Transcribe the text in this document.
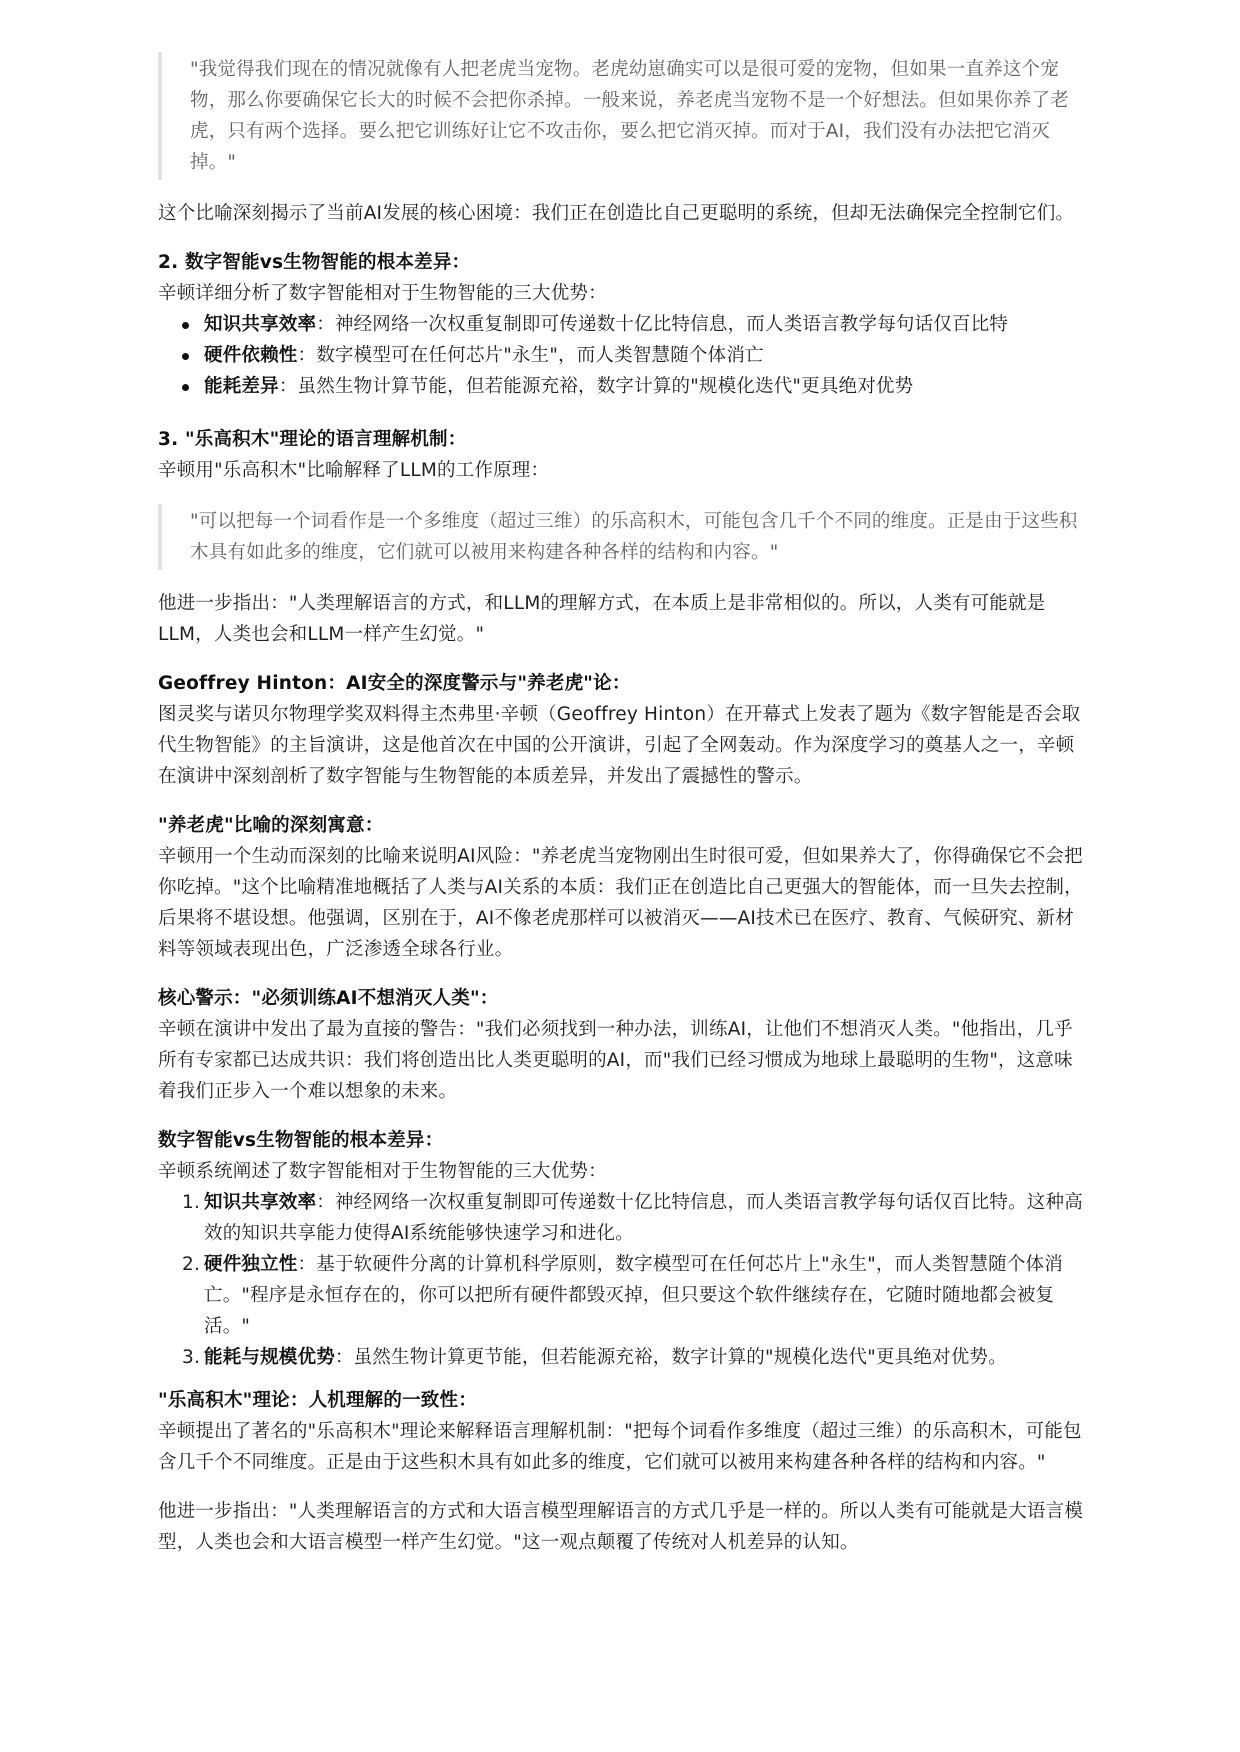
"我觉得我们现在的情况就像有人把老虎当宠物。老虎幼崽确实可以是很可爱的宠物，但如果一直养这个宠物，那么你要确保它长大的时候不会把你杀掉。一般来说，养老虎当宠物不是一个好想法。但如果你养了老虎，只有两个选择。要么把它训练好让它不攻击你，要么把它消灭掉。而对于AI，我们没有办法把它消灭掉。"

这个比喻深刻揭示了当前AI发展的核心困境：我们正在创造比自己更聪明的系统，但却无法确保完全控制它们。

2. 数字智能vs生物智能的根本差异：

辛顿详细分析了数字智能相对于生物智能的三大优势：

知识共享效率：神经网络一次权重复制即可传递数十亿比特信息，而人类语言教学每句话仅百比特
硬件依赖性：数字模型可在任何芯片"永生"，而人类智慧随个体消亡
能耗差异：虽然生物计算节能，但若能源充裕，数字计算的"规模化迭代"更具绝对优势

3. "乐高积木"理论的语言理解机制：

辛顿用"乐高积木"比喻解释了LLM的工作原理：

"可以把每一个词看作是一个多维度（超过三维）的乐高积木，可能包含几千个不同的维度。正是由于这些积木具有如此多的维度，它们就可以被用来构建各种各样的结构和内容。"

他进一步指出："人类理解语言的方式，和LLM的理解方式，在本质上是非常相似的。所以，人类有可能就是LLM，人类也会和LLM一样产生幻觉。"

Geoffrey Hinton：AI安全的深度警示与"养老虎"论：

图灵奖与诺贝尔物理学奖双料得主杰弗里·辛顿（Geoffrey Hinton）在开幕式上发表了题为《数字智能是否会取代生物智能》的主旨演讲，这是他首次在中国的公开演讲，引起了全网轰动。作为深度学习的奠基人之一，辛顿在演讲中深刻剖析了数字智能与生物智能的本质差异，并发出了震撼性的警示。

"养老虎"比喻的深刻寓意：

辛顿用一个生动而深刻的比喻来说明AI风险："养老虎当宠物刚出生时很可爱，但如果养大了，你得确保它不会把你吃掉。"这个比喻精准地概括了人类与AI关系的本质：我们正在创造比自己更强大的智能体，而一旦失去控制，后果将不堪设想。他强调，区别在于，AI不像老虎那样可以被消灭——AI技术已在医疗、教育、气候研究、新材料等领域表现出色，广泛渗透全球各行业。

核心警示："必须训练AI不想消灭人类"：

辛顿在演讲中发出了最为直接的警告："我们必须找到一种办法，训练AI，让他们不想消灭人类。"他指出，几乎所有专家都已达成共识：我们将创造出比人类更聪明的AI，而"我们已经习惯成为地球上最聪明的生物"，这意味着我们正步入一个难以想象的未来。

数字智能vs生物智能的根本差异：

辛顿系统阐述了数字智能相对于生物智能的三大优势：

1. 知识共享效率：神经网络一次权重复制即可传递数十亿比特信息，而人类语言教学每句话仅百比特。这种高效的知识共享能力使得AI系统能够快速学习和进化。
2. 硬件独立性：基于软硬件分离的计算机科学原则，数字模型可在任何芯片上"永生"，而人类智慧随个体消亡。"程序是永恒存在的，你可以把所有硬件都毁灭掉，但只要这个软件继续存在，它随时随地都会被复活。"
3. 能耗与规模优势：虽然生物计算更节能，但若能源充裕，数字计算的"规模化迭代"更具绝对优势。

"乐高积木"理论：人机理解的一致性：

辛顿提出了著名的"乐高积木"理论来解释语言理解机制："把每个词看作多维度（超过三维）的乐高积木，可能包含几千个不同维度。正是由于这些积木具有如此多的维度，它们就可以被用来构建各种各样的结构和内容。"

他进一步指出："人类理解语言的方式和大语言模型理解语言的方式几乎是一样的。所以人类有可能就是大语言模型，人类也会和大语言模型一样产生幻觉。"这一观点颠覆了传统对人机差异的认知。
